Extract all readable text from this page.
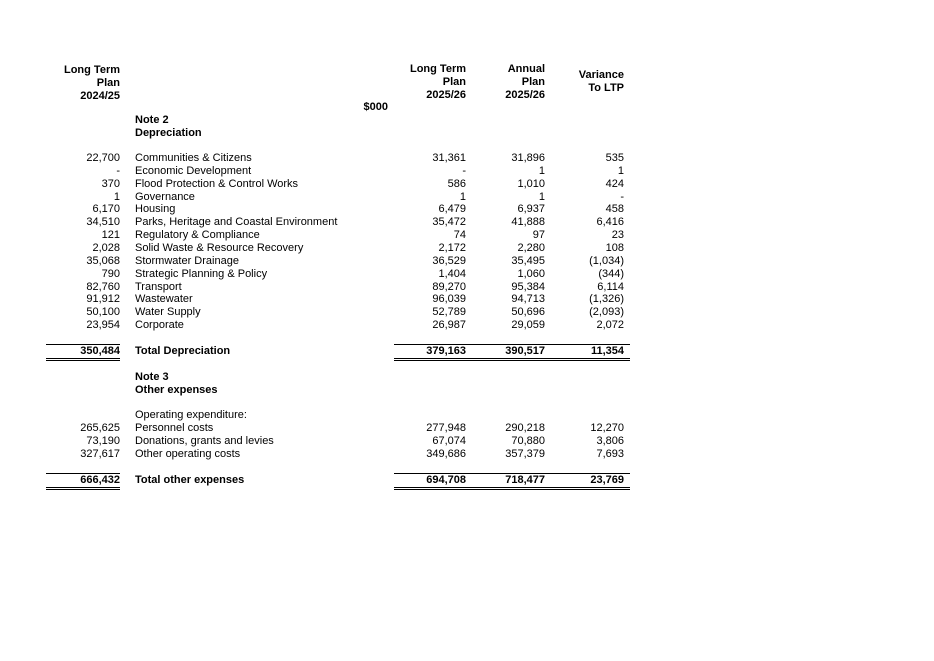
Long Term
Plan
2024/25
Long Term
Plan
2025/26
Annual
Plan
2025/26
Variance
To LTP
$000
Note 2
Depreciation
22,700 Communities & Citizens	31,361	31,896	535
- Economic Development	-	1	1
370 Flood Protection & Control Works	586	1,010	424
1 Governance	1	1	-
6,170 Housing	6,479	6,937	458
34,510 Parks, Heritage and Coastal Environment	35,472	41,888	6,416
121 Regulatory & Compliance	74	97	23
2,028 Solid Waste & Resource Recovery	2,172	2,280	108
35,068 Stormwater Drainage	36,529	35,495	(1,034)
790 Strategic Planning & Policy	1,404	1,060	(344)
82,760 Transport	89,270	95,384	6,114
91,912 Wastewater	96,039	94,713	(1,326)
50,100 Water Supply	52,789	50,696	(2,093)
23,954 Corporate	26,987	29,059	2,072
350,484 Total Depreciation	379,163	390,517	11,354
Note 3
Other expenses
Operating expenditure:
265,625 Personnel costs	277,948	290,218	12,270
73,190 Donations, grants and levies	67,074	70,880	3,806
327,617 Other operating costs	349,686	357,379	7,693
666,432 Total other expenses	694,708	718,477	23,769
